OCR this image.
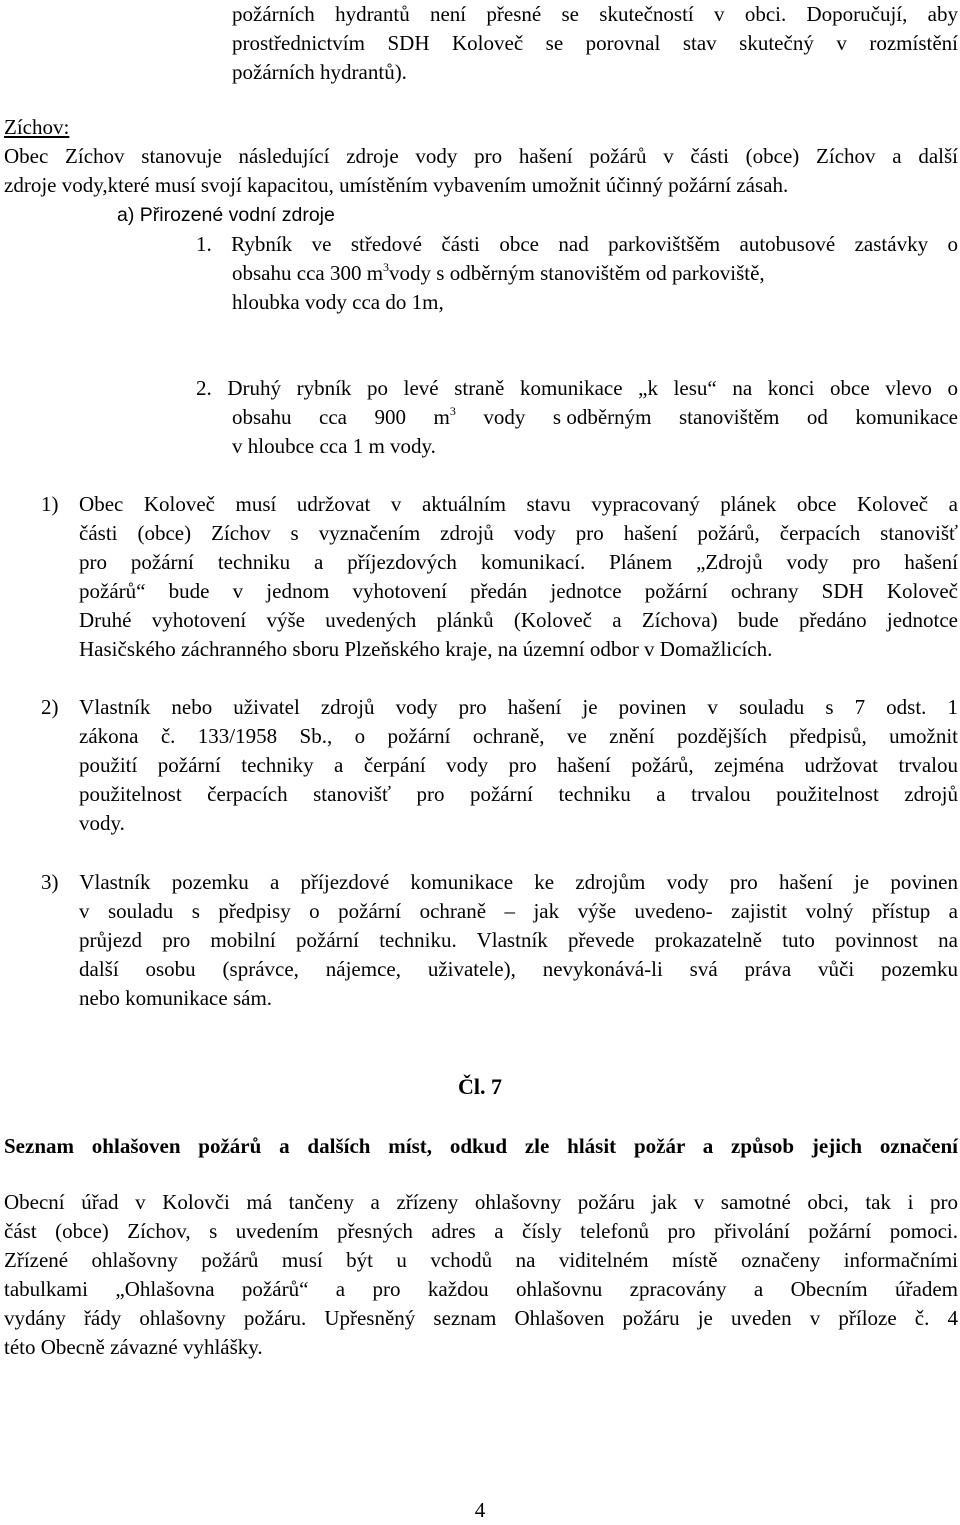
požárních hydrantů není přesné se skutečností v obci. Doporučují, aby
prostřednictvím SDH Koloveč se porovnal stav skutečný v rozmístění
požárních hydrantů).
Zíchov:
Obec Zíchov stanovuje následující zdroje vody pro hašení požárů v části (obce) Zíchov a další
zdroje vody,které musí svojí kapacitou, umístěním vybavením umožnit účinný požární zásah.
a) Přirozené vodní zdroje
1. Rybník ve středové části obce nad parkovištšěm autobusové zastávky o
obsahu cca 300 $m^3vody$ s odběrným stanovištěm od parkoviště,
hloubka vody cca do 1m,
2. Druhý rybník po levé straně komunikace „k lesu“ na konci obce vlevo o
obsahu cca 900 $m^3$ vody s odběrným stanovištěm od komunikace
v hloubce cca 1 m vody.
1) Obec Koloveč musí udržovat v aktuálním stavu vypracovaný plánek obce Koloveč a
části (obce) Zíchov s vyznačením zdrojů vody pro hašení požárů, čerpacích stanovišť
pro požární techniku a příjezdových komunikací. Plánem „Zdrojů vody pro hašení
požárů“ bude v jednom vyhotovení předán jednotce požární ochrany SDH Koloveč
Druhé vyhotovení výše uvedených plánků (Koloveč a Zíchova) bude předáno jednotce
Hasičského záchranného sboru Plzeňského kraje, na územní odbor v Domažlicích.
2) Vlastník nebo uživatel zdrojů vody pro hašení je povinen v souladu s 7 odst. 1
zákona č. 133/1958 Sb., o požární ochraně, ve znění pozdějších předpisů, umožnit
použití požární techniky a čerpání vody pro hašení požárů, zejména udržovat trvalou
použitelnost čerpacích stanovišť pro požární techniku a trvalou použitelnost zdrojů
vody.
3) Vlastník pozemku a příjezdové komunikace ke zdrojům vody pro hašení je povinen
v souladu s předpisy o požární ochraně – jak výše uvedeno- zajistit volný přístup a
průjezd pro mobilní požární techniku. Vlastník převede prokazatelně tuto povinnost na
další osobu (správce, nájemce, uživatele), nevykonává-li svá práva vůči pozemku
nebo komunikace sám.
Čl. 7
Seznam ohlašoven požárů a dalších míst, odkud zle hlásit požár a způsob jejich označení
Obecní úřad v Kolovči má tančeny a zřízeny ohlašovny požáru jak v samotné obci, tak i pro
část (obce) Zíchov, s uvedením přesných adres a čísly telefonů pro přivolání požární pomoci.
Zřízené ohlašovny požárů musí být u vchodů na viditelném místě označeny informačními
tabulkami „Ohlašovna požárů“ a pro každou ohlašovnu zpracovány a Obecním úřadem
vydány řády ohlašovny požáru. Upřesněný seznam Ohlašoven požáru je uveden v příloze č. 4
této Obecně závazné vyhlášky.
4
